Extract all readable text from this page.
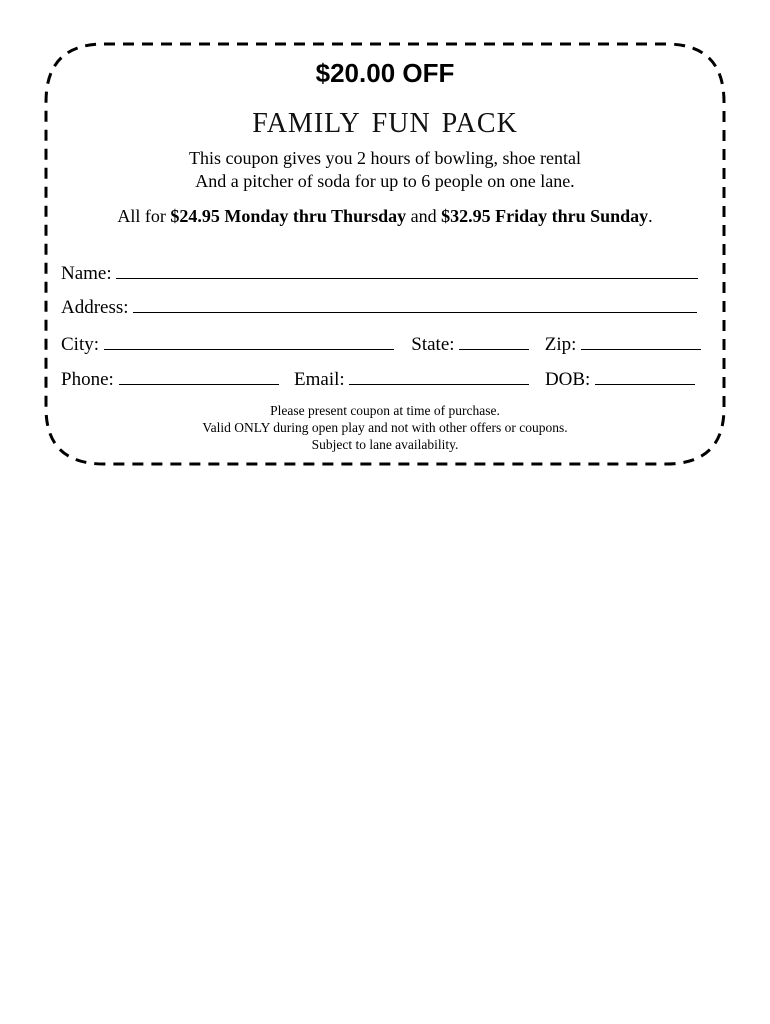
$20.00 OFF
family fun pack
This coupon gives you 2 hours of bowling, shoe rental
And a pitcher of soda for up to 6 people on one lane.
All for $24.95 Monday thru Thursday and $32.95 Friday thru Sunday.
Name:
Address:
City:	State:	Zip:
Phone:	Email:	DOB:
Please present coupon at time of purchase.
Valid ONLY during open play and not with other offers or coupons.
Subject to lane availability.
